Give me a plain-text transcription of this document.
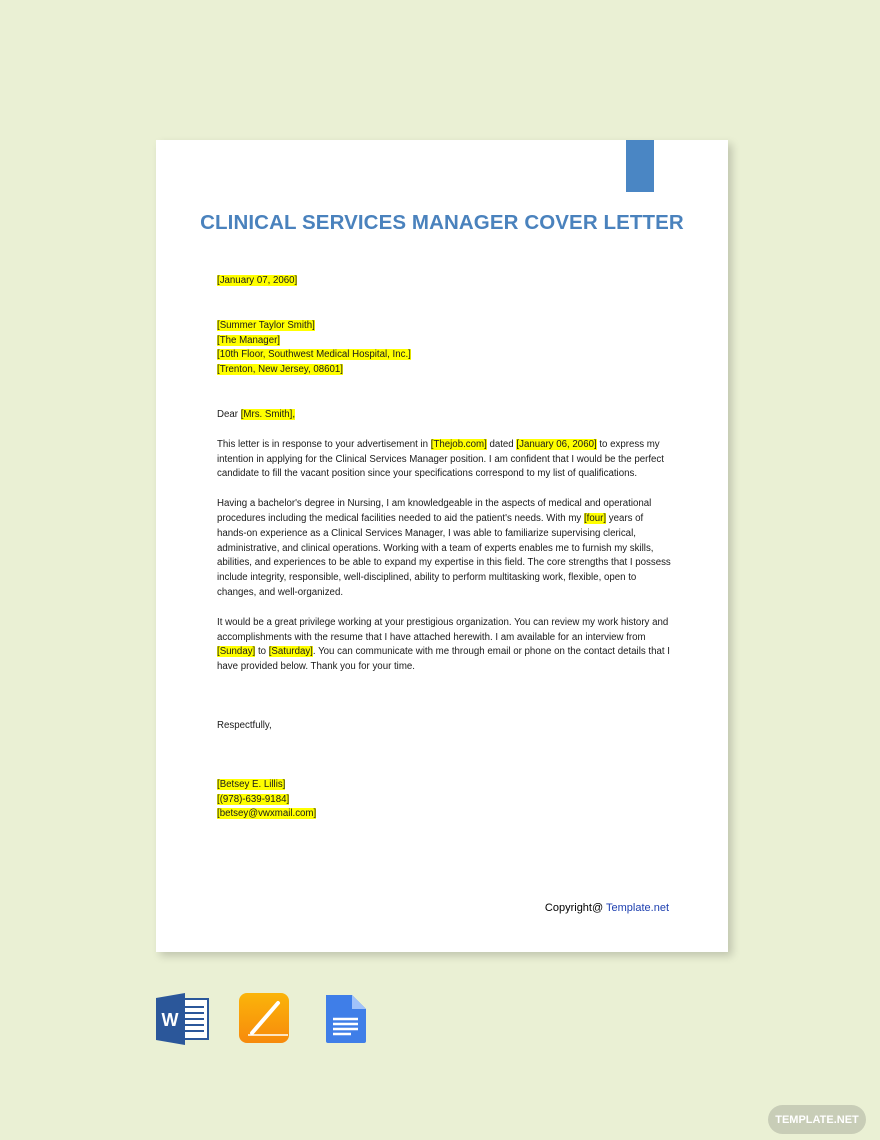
CLINICAL SERVICES MANAGER COVER LETTER

[January 07, 2060]

[Summer Taylor Smith]
[The Manager]
[10th Floor, Southwest Medical Hospital, Inc.]
[Trenton, New Jersey, 08601]

Dear [Mrs. Smith],

This letter is in response to your advertisement in [Thejob.com] dated [January 06, 2060] to express my intention in applying for the Clinical Services Manager position. I am confident that I would be the perfect candidate to fill the vacant position since your specifications correspond to my list of qualifications.

Having a bachelor's degree in Nursing, I am knowledgeable in the aspects of medical and operational procedures including the medical facilities needed to aid the patient's needs. With my [four] years of hands-on experience as a Clinical Services Manager, I was able to familiarize supervising clerical, administrative, and clinical operations. Working with a team of experts enables me to furnish my skills, abilities, and experiences to be able to expand my expertise in this field. The core strengths that I possess include integrity, responsible, well-disciplined, ability to perform multitasking work, flexible, open to changes, and well-organized.

It would be a great privilege working at your prestigious organization. You can review my work history and accomplishments with the resume that I have attached herewith. I am available for an interview from [Sunday] to [Saturday]. You can communicate with me through email or phone on the contact details that I have provided below. Thank you for your time.

Respectfully,

[Betsey E. Lillis]
[(978)-639-9184]
[betsey@vwxmail.com]

Copyright@ Template.net
W
TEMPLATE.NET
